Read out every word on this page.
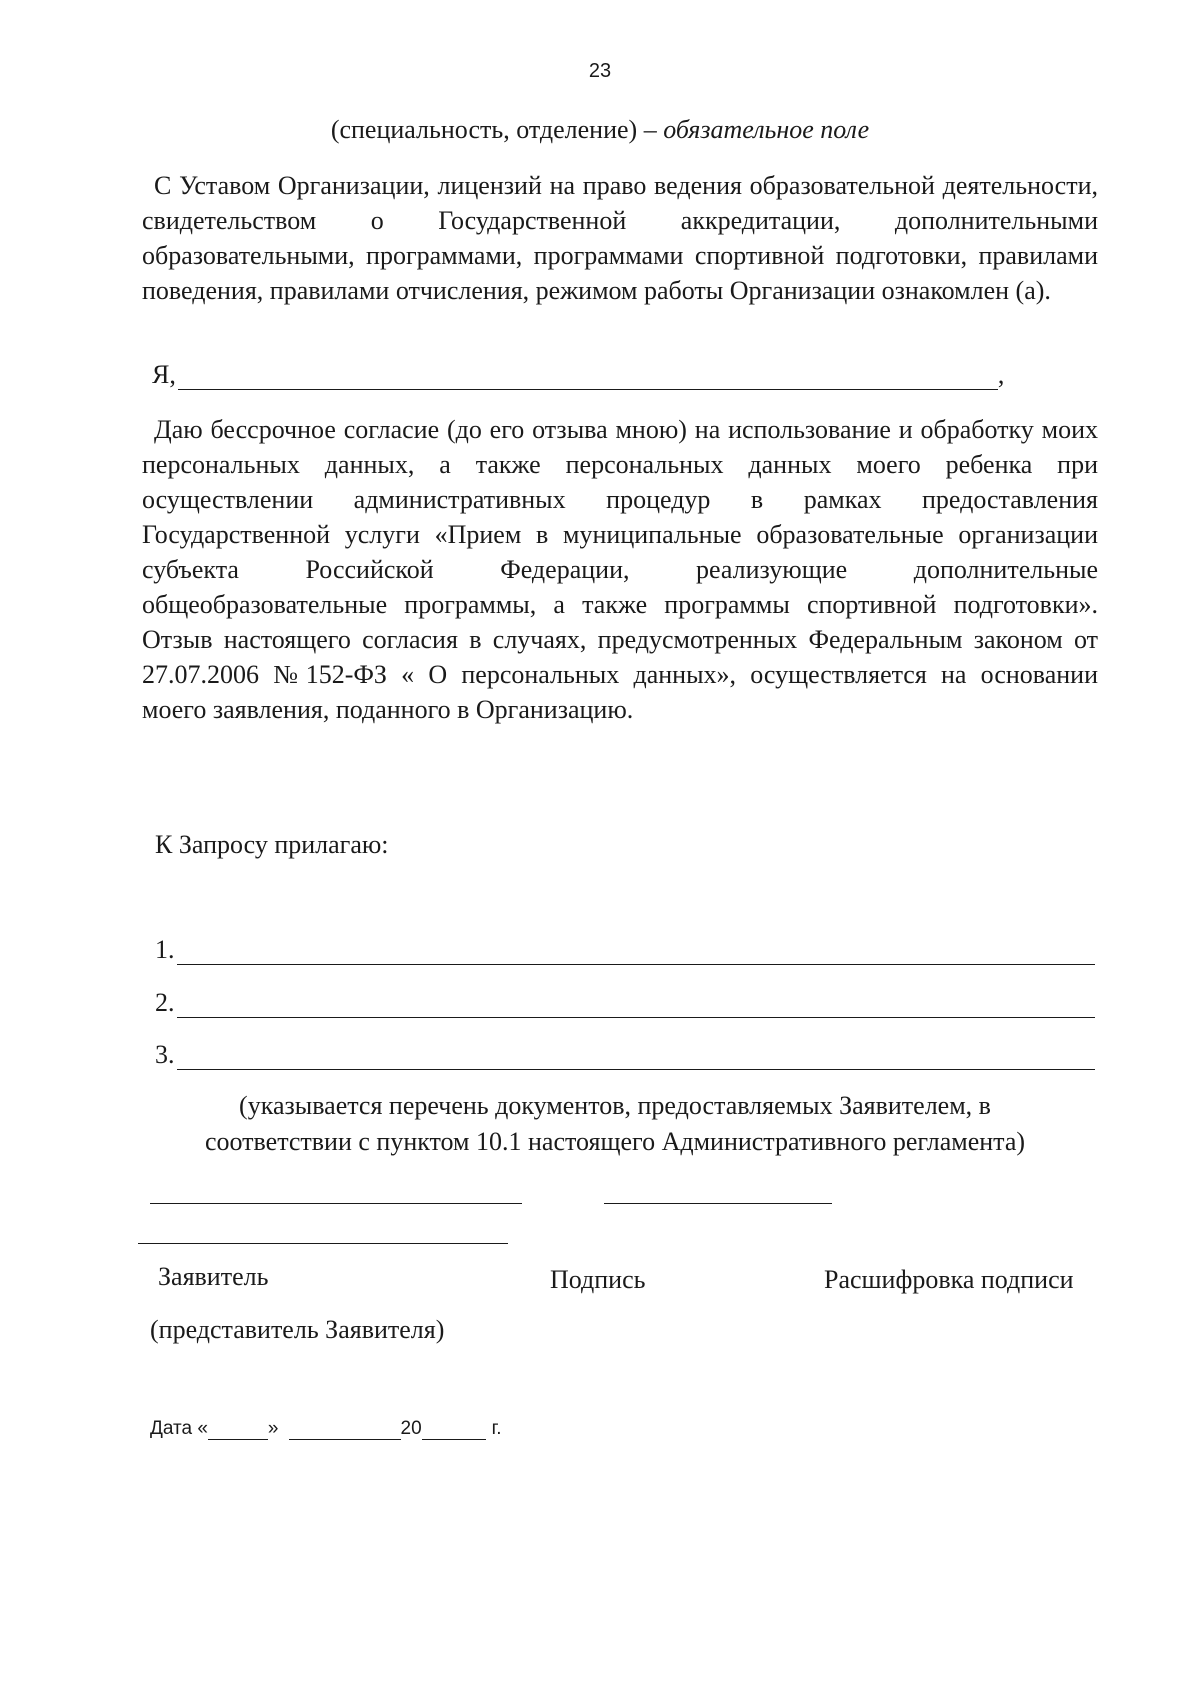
23
(специальность, отделение) – обязательное поле
С Уставом Организации, лицензий на право ведения образовательной деятельности, свидетельством о Государственной аккредитации, дополнительными образовательными, программами, программами спортивной подготовки, правилами поведения, правилами отчисления, режимом работы Организации ознакомлен (а).
Я,	,
Даю бессрочное согласие (до его отзыва мною) на использование и обработку моих персональных данных, а также персональных данных моего ребенка при осуществлении административных процедур в рамках предоставления Государственной услуги «Прием в муниципальные образовательные организации субъекта Российской Федерации, реализующие дополнительные общеобразовательные программы, а также программы спортивной подготовки». Отзыв настоящего согласия в случаях, предусмотренных Федеральным законом от 27.07.2006 №152-ФЗ « О персональных данных», осуществляется на основании моего заявления, поданного в Организацию.
К Запросу прилагаю:
1.
2.
3.
(указывается перечень документов, предоставляемых Заявителем, в
соответствии с пунктом 10.1 настоящего Административного регламента)
Заявитель	Подпись	Расшифровка подписи
(представитель Заявителя)
Дата «	»	20	г.
